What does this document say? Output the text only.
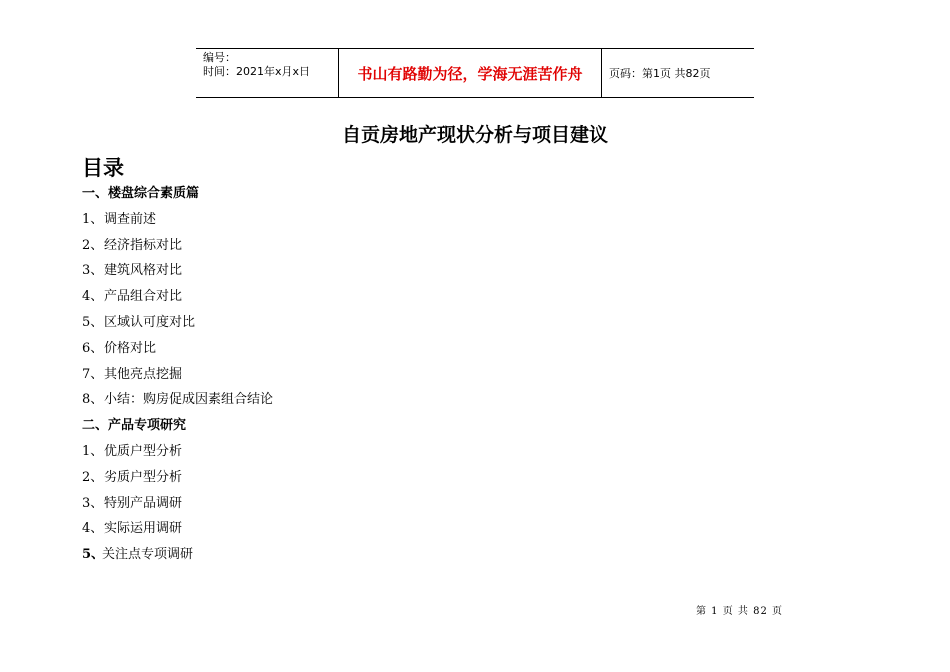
编号：
时间：2021年x月x日	书山有路勤为径，学海无涯苦作舟	页码：第1页 共82页
自贡房地产现状分析与项目建议
目录
一、楼盘综合素质篇
1、调查前述
2、经济指标对比
3、建筑风格对比
4、产品组合对比
5、区域认可度对比
6、价格对比
7、其他亮点挖掘
8、小结：购房促成因素组合结论
二、产品专项研究
1、优质户型分析
2、劣质户型分析
3、特别产品调研
4、实际运用调研
5、关注点专项调研
第 1 页 共 82 页
